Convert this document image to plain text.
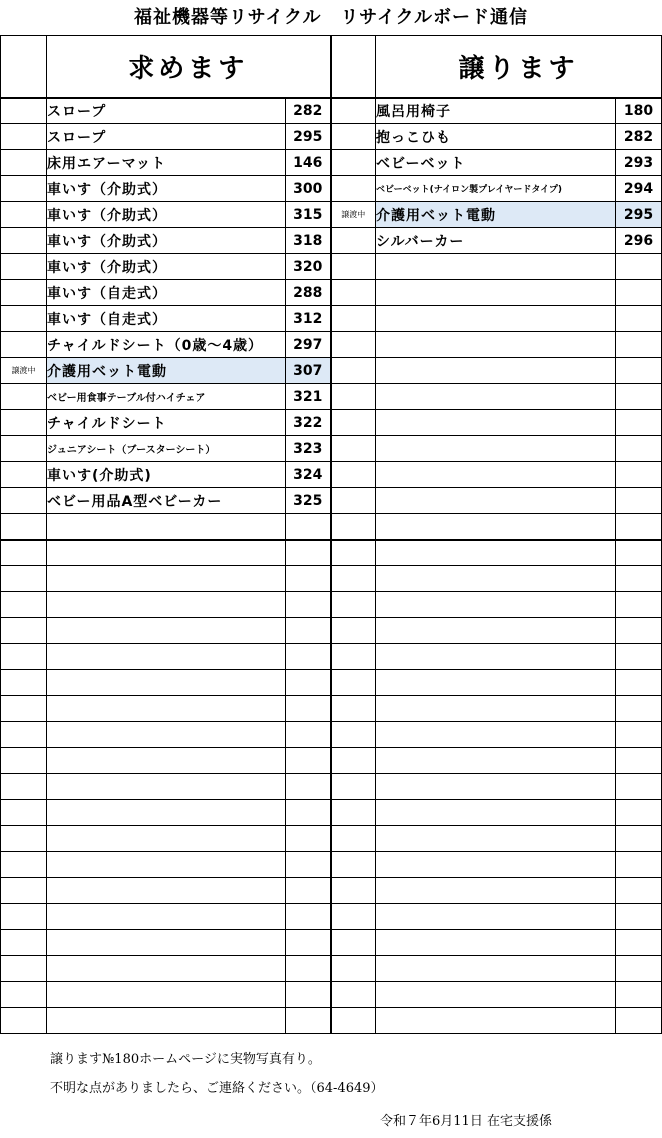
福祉機器等リサイクル　リサイクルボード通信
	求めます			譲ります	
	スロープ	282		風呂用椅子	180
	スロープ	295		抱っこひも	282
	床用エアーマット	146		ベビーベット	293
	車いす（介助式）	300		ベビーベット(ナイロン製プレイヤードタイプ)	294
	車いす（介助式）	315	譲渡中	介護用ベット電動	295
	車いす（介助式）	318		シルバーカー	296
	車いす（介助式）	320			
	車いす（自走式）	288			
	車いす（自走式）	312			
	チャイルドシート（0歳～4歳）	297			
譲渡中	介護用ベット電動	307			
	ベビー用食事テーブル付ハイチェア	321			
	チャイルドシート	322			
	ジュニアシート（ブースターシート）	323			
	車いす(介助式)	324			
	ベビー用品A型ベビーカー	325			

譲ります№180ホームページに実物写真有り。
不明な点がありましたら、ご連絡ください。（64-4649）
令和７年6月11日 在宅支援係
